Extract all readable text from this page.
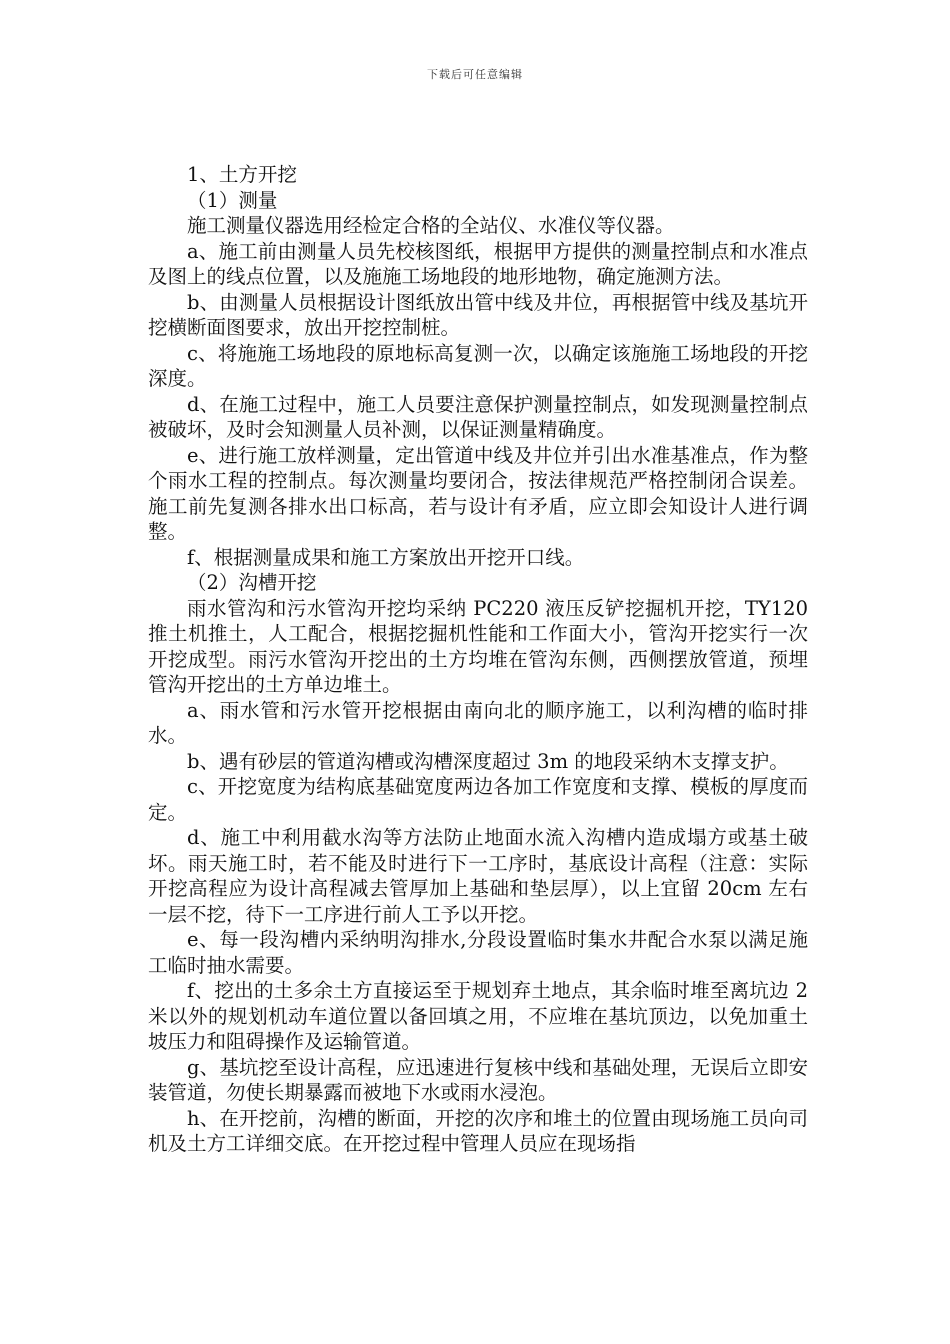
下载后可任意编辑

1、土方开挖

（1）测量

施工测量仪器选用经检定合格的全站仪、水准仪等仪器。

a、施工前由测量人员先校核图纸，根据甲方提供的测量控制点和水准点及图上的线点位置，以及施施工场地段的地形地物，确定施测方法。

b、由测量人员根据设计图纸放出管中线及井位，再根据管中线及基坑开挖横断面图要求，放出开挖控制桩。

c、将施施工场地段的原地标高复测一次，以确定该施施工场地段的开挖深度。

d、在施工过程中，施工人员要注意保护测量控制点，如发现测量控制点被破坏，及时会知测量人员补测，以保证测量精确度。

e、进行施工放样测量，定出管道中线及井位并引出水准基准点，作为整个雨水工程的控制点。每次测量均要闭合，按法律规范严格控制闭合误差。施工前先复测各排水出口标高，若与设计有矛盾，应立即会知设计人进行调整。

f、根据测量成果和施工方案放出开挖开口线。

（2）沟槽开挖

雨水管沟和污水管沟开挖均采纳 PC220 液压反铲挖掘机开挖，TY120 推土机推土，人工配合，根据挖掘机性能和工作面大小，管沟开挖实行一次开挖成型。雨污水管沟开挖出的土方均堆在管沟东侧，西侧摆放管道，预埋管沟开挖出的土方单边堆土。

a、雨水管和污水管开挖根据由南向北的顺序施工，以利沟槽的临时排水。

b、遇有砂层的管道沟槽或沟槽深度超过 3m 的地段采纳木支撑支护。

c、开挖宽度为结构底基础宽度两边各加工作宽度和支撑、模板的厚度而定。

d、施工中利用截水沟等方法防止地面水流入沟槽内造成塌方或基土破坏。雨天施工时，若不能及时进行下一工序时，基底设计高程（注意：实际开挖高程应为设计高程减去管厚加上基础和垫层厚），以上宜留 20cm 左右一层不挖，待下一工序进行前人工予以开挖。

e、每一段沟槽内采纳明沟排水,分段设置临时集水井配合水泵以满足施工临时抽水需要。

f、挖出的土多余土方直接运至于规划弃土地点，其余临时堆至离坑边 2 米以外的规划机动车道位置以备回填之用，不应堆在基坑顶边，以免加重土坡压力和阻碍操作及运输管道。

g、基坑挖至设计高程，应迅速进行复核中线和基础处理，无误后立即安装管道，勿使长期暴露而被地下水或雨水浸泡。

h、在开挖前，沟槽的断面，开挖的次序和堆土的位置由现场施工员向司机及土方工详细交底。在开挖过程中管理人员应在现场指
